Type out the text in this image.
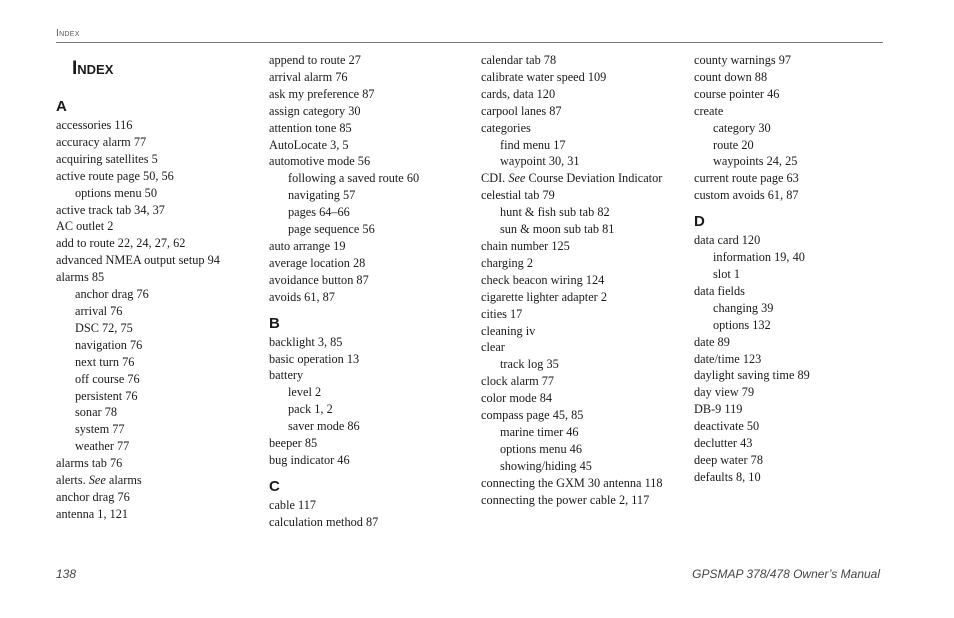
Index
Index
A
accessories 116
accuracy alarm 77
acquiring satellites 5
active route page 50, 56
options menu 50
active track tab 34, 37
AC outlet 2
add to route 22, 24, 27, 62
advanced NMEA output setup 94
alarms 85
anchor drag 76
arrival 76
DSC 72, 75
navigation 76
next turn 76
off course 76
persistent 76
sonar 78
system 77
weather 77
alarms tab 76
alerts. See alarms
anchor drag 76
antenna 1, 121
append to route 27
arrival alarm 76
ask my preference 87
assign category 30
attention tone 85
AutoLocate 3, 5
automotive mode 56
following a saved route 60
navigating 57
pages 64–66
page sequence 56
auto arrange 19
average location 28
avoidance button 87
avoids 61, 87
B
backlight 3, 85
basic operation 13
battery
level 2
pack 1, 2
saver mode 86
beeper 85
bug indicator 46
C
cable 117
calculation method 87
calendar tab 78
calibrate water speed 109
cards, data 120
carpool lanes 87
categories
find menu 17
waypoint 30, 31
CDI. See Course Deviation Indicator
celestial tab 79
hunt & fish sub tab 82
sun & moon sub tab 81
chain number 125
charging 2
check beacon wiring 124
cigarette lighter adapter 2
cities 17
cleaning iv
clear
track log 35
clock alarm 77
color mode 84
compass page 45, 85
marine timer 46
options menu 46
showing/hiding 45
connecting the GXM 30 antenna 118
connecting the power cable 2, 117
county warnings 97
count down 88
course pointer 46
create
category 30
route 20
waypoints 24, 25
current route page 63
custom avoids 61, 87
D
data card 120
information 19, 40
slot 1
data fields
changing 39
options 132
date 89
date/time 123
daylight saving time 89
day view 79
DB-9 119
deactivate 50
declutter 43
deep water 78
defaults 8, 10
138	GPSMAP 378/478 Owner’s Manual
